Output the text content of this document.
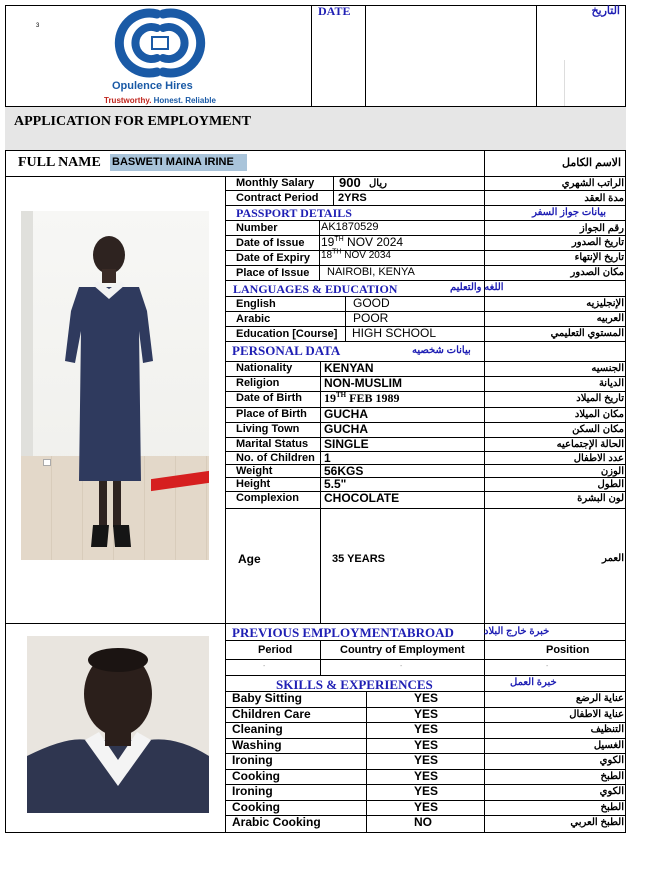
Opulence Hires
Trustworthy. Honest. Reliable
3
DATE	التاريخ
APPLICATION FOR EMPLOYMENT
FULL NAME BASWETI MAINA IRINE	الاسم الكامل
Monthly Salary 900 ريال	الراتب الشهري
Contract Period 2YRS	مدة العقد
PASSPORT DETAILS	بيانات جواز السفر
Number	AK1870529	رقم الجواز
Date of Issue 19TH NOV 2024	تاريخ الصدور
Date of Expiry 18TH NOV 2034	تاريخ الإنتهاء
Place of Issue NAIROBI, KENYA	مكان الصدور
LANGUAGES & EDUCATION	اللغه والتعليم
English	GOOD	الإنجليزيه
Arabic	POOR	العربيه
Education [Course] HIGH SCHOOL	المستوي التعليمي
PERSONAL DATA	بيانات شخصيه
Nationality	KENYAN	الجنسيه
Religion	NON-MUSLIM	الديانة
Date of Birth 19TH FEB 1989	تاريخ الميلاد
Place of Birth GUCHA	مكان الميلاد
Living Town GUCHA	مكان السكن
Marital Status SINGLE	الحالة الإجتماعيه
No. of Children 1	عدد الاطفال
Weight	56KGS	الوزن
Height	5.5"	الطول
Complexion CHOCOLATE	لون البشرة
Age	35 YEARS	العمر
PREVIOUS EMPLOYMENTABROAD	خبرة خارج البلاد
Period	Country of Employment	Position
-	-	-
SKILLS & EXPERIENCES	خبرة العمل
Baby Sitting	YES	عناية الرضع
Children Care	YES	عناية الاطفال
Cleaning	YES	التنظيف
Washing	YES	الغسيل
Ironing	YES	الكوي
Cooking	YES	الطبخ
Ironing	YES	الكوي
Cooking	YES	الطبخ
Arabic Cooking	NO	الطبخ العربي
